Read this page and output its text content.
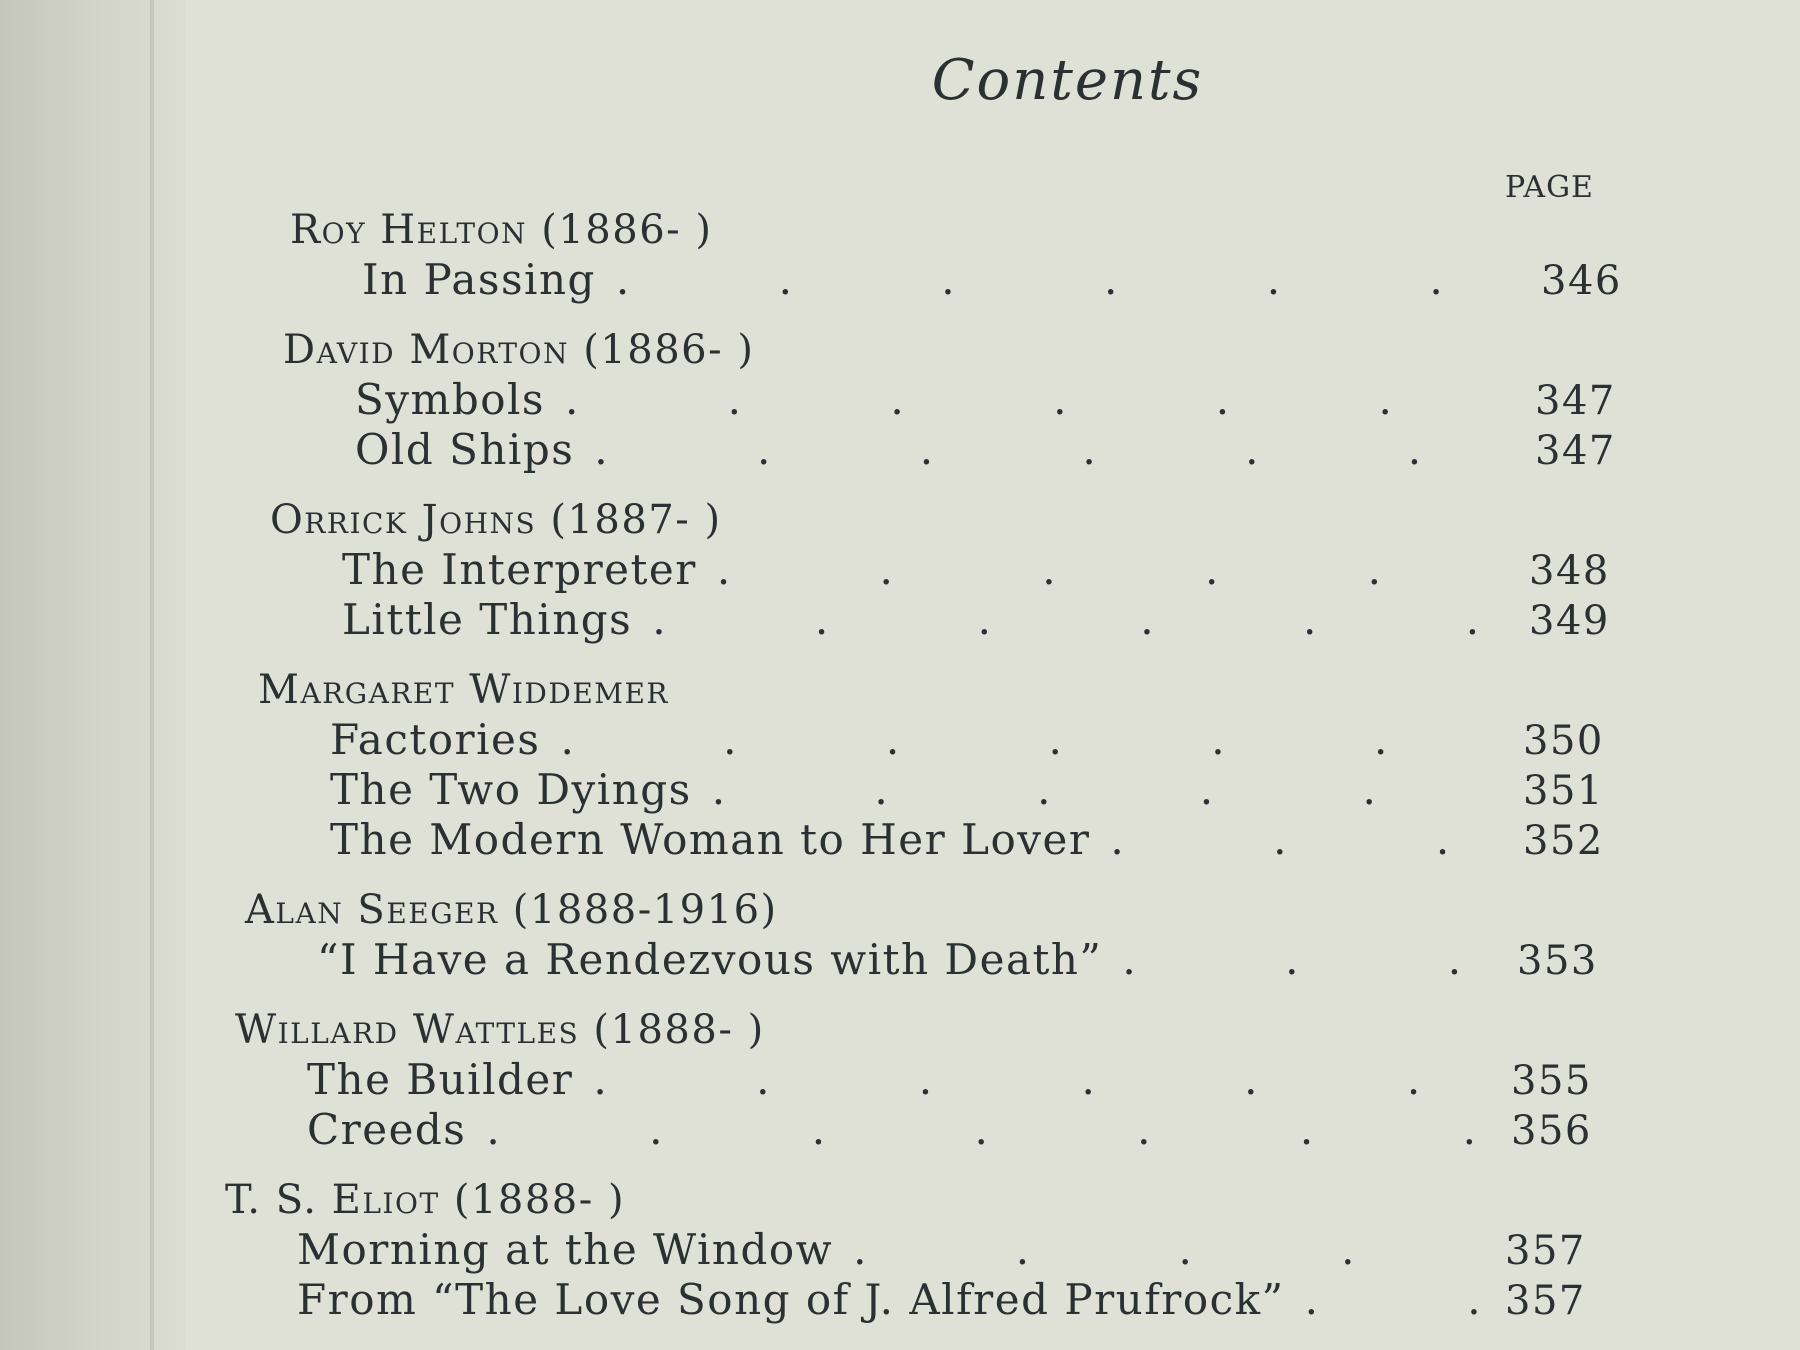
Contents
PAGE
Roy Helton (1886- )
In Passing . . .	346
David Morton (1886- )
Symbols . . .	347
Old Ships . . .	347
Orrick Johns (1887- )
The Interpreter . . .	348
Little Things . . .	349
Margaret Widdemer
Factories . . .	350
The Two Dyings . . .	351
The Modern Woman to Her Lover . . .	352
Alan Seeger (1888-1916)
“I Have a Rendezvous with Death” . . .	353
Willard Wattles (1888- )
The Builder . . .	355
Creeds . . .	356
T. S. Eliot (1888- )
Morning at the Window . . .	357
From “The Love Song of J. Alfred Prufrock” . . .	357
